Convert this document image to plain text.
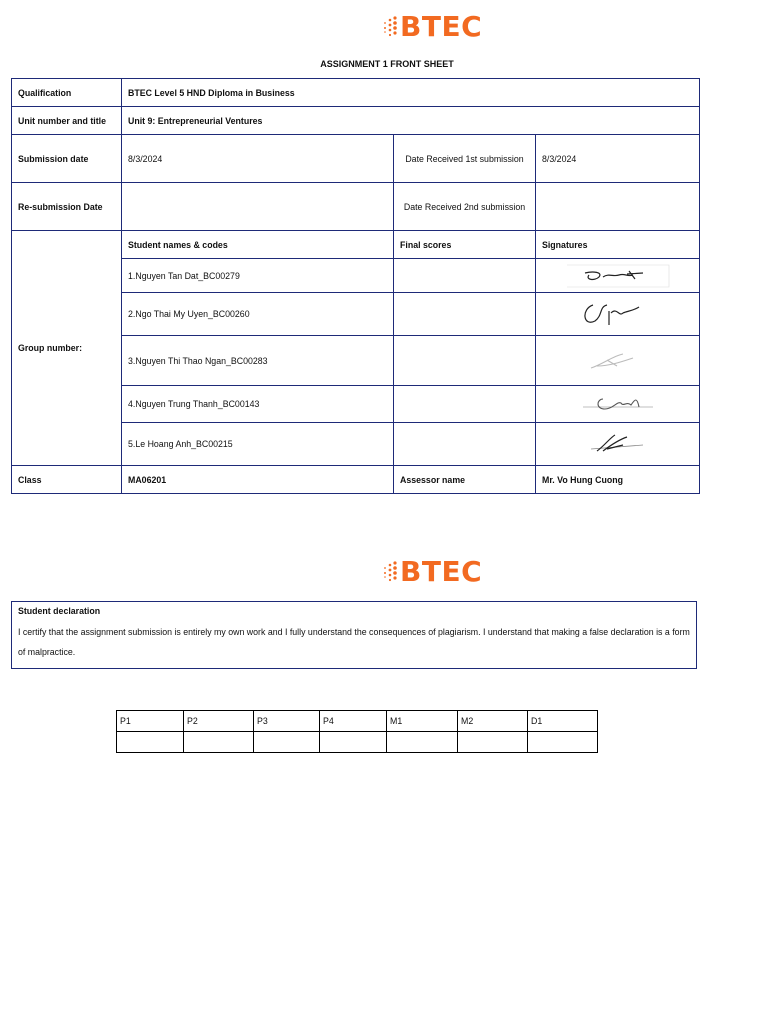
BTEC
ASSIGNMENT 1 FRONT SHEET
Qualification	BTEC Level 5 HND Diploma in Business		
Unit number and title	Unit 9: Entrepreneurial Ventures		
Submission date	8/3/2024	Date Received 1st submission	8/3/2024
Re-submission Date		Date Received 2nd submission	
Group number:	Student names & codes	Final scores	Signatures
	1.Nguyen Tan Dat_BC00279		

	2.Ngo Thai My Uyen_BC00260		

	3.Nguyen Thi Thao Ngan_BC00283		

	4.Nguyen Trung Thanh_BC00143		

	5.Le Hoang Anh_BC00215		

Class	MA06201	Assessor name	Mr. Vo Hung Cuong
BTEC
Student declaration
I certify that the assignment submission is entirely my own work and I fully understand the consequences of plagiarism. I understand that making a false declaration is a form of malpractice.
P1	P2	P3	P4	M1	M2	D1
